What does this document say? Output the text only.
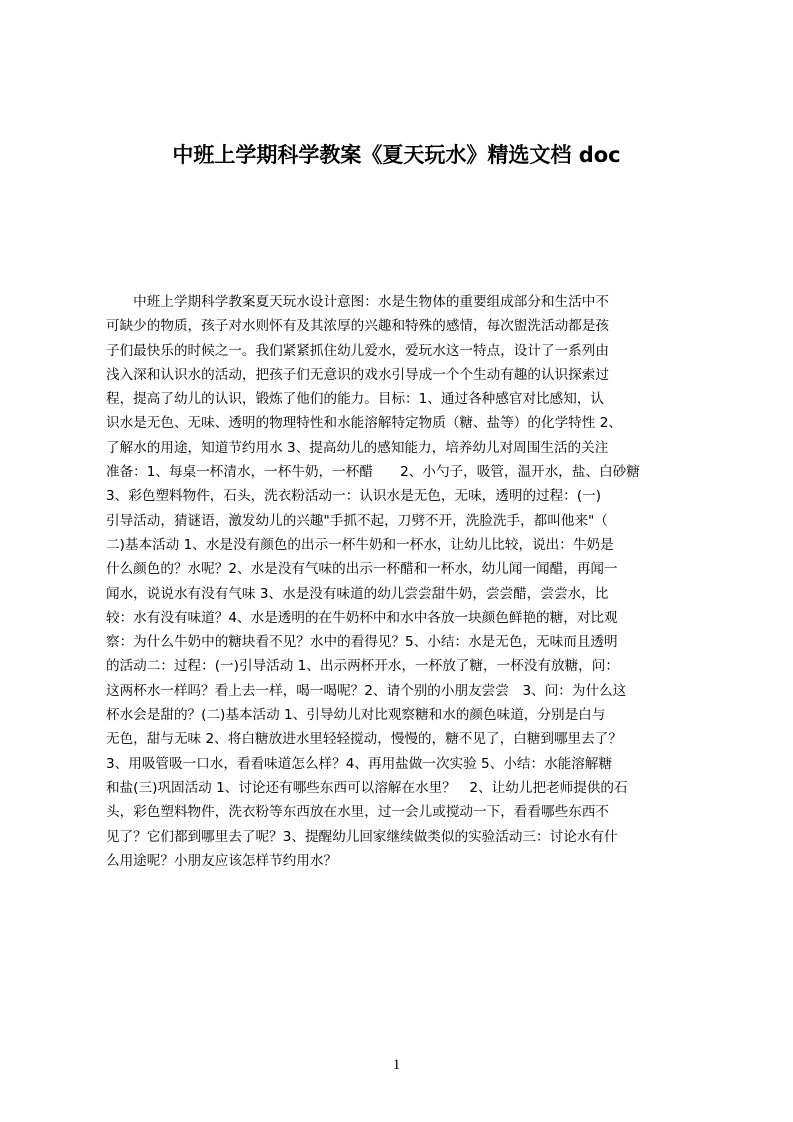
中班上学期科学教案《夏天玩水》精选文档 doc
　　中班上学期科学教案夏天玩水设计意图：水是生物体的重要组成部分和生活中不
可缺少的物质，孩子对水则怀有及其浓厚的兴趣和特殊的感情，每次盥洗活动都是孩
子们最快乐的时候之一。我们紧紧抓住幼儿爱水，爱玩水这一特点，设计了一系列由
浅入深和认识水的活动，把孩子们无意识的戏水引导成一个个生动有趣的认识探索过
程，提高了幼儿的认识，锻炼了他们的能力。目标：1、通过各种感官对比感知，认
识水是无色、无味、透明的物理特性和水能溶解特定物质（糖、盐等）的化学特性 2、
了解水的用途，知道节约用水 3、提高幼儿的感知能力，培养幼儿对周围生活的关注
准备：1、每桌一杯清水，一杯牛奶，一杯醋　　2、小勺子，吸管，温开水，盐、白砂糖
3、彩色塑料物件，石头，洗衣粉活动一：认识水是无色，无味，透明的过程：(一)
引导活动，猜谜语，激发幼儿的兴趣"手抓不起，刀劈不开，洗脸洗手，都叫他来"（
二)基本活动 1、水是没有颜色的出示一杯牛奶和一杯水，让幼儿比较，说出：牛奶是
什么颜色的？水呢？2、水是没有气味的出示一杯醋和一杯水，幼儿闻一闻醋，再闻一
闻水，说说水有没有气味 3、水是没有味道的幼儿尝尝甜牛奶，尝尝醋，尝尝水，比
较：水有没有味道？4、水是透明的在牛奶杯中和水中各放一块颜色鲜艳的糖，对比观
察：为什么牛奶中的糖块看不见？水中的看得见？5、小结：水是无色，无味而且透明
的活动二：过程：(一)引导活动 1、出示两杯开水，一杯放了糖，一杯没有放糖，问：
这两杯水一样吗？看上去一样，喝一喝呢？2、请个别的小朋友尝尝　3、问：为什么这
杯水会是甜的？(二)基本活动 1、引导幼儿对比观察糖和水的颜色味道，分别是白与
无色，甜与无味 2、将白糖放进水里轻轻搅动，慢慢的，糖不见了，白糖到哪里去了？
3、用吸管吸一口水，看看味道怎么样？4、再用盐做一次实验 5、小结：水能溶解糖
和盐(三)巩固活动 1、讨论还有哪些东西可以溶解在水里？　2、让幼儿把老师提供的石
头，彩色塑料物件，洗衣粉等东西放在水里，过一会儿或搅动一下，看看哪些东西不
见了？它们都到哪里去了呢？3、提醒幼儿回家继续做类似的实验活动三：讨论水有什
么用途呢？小朋友应该怎样节约用水？
1
